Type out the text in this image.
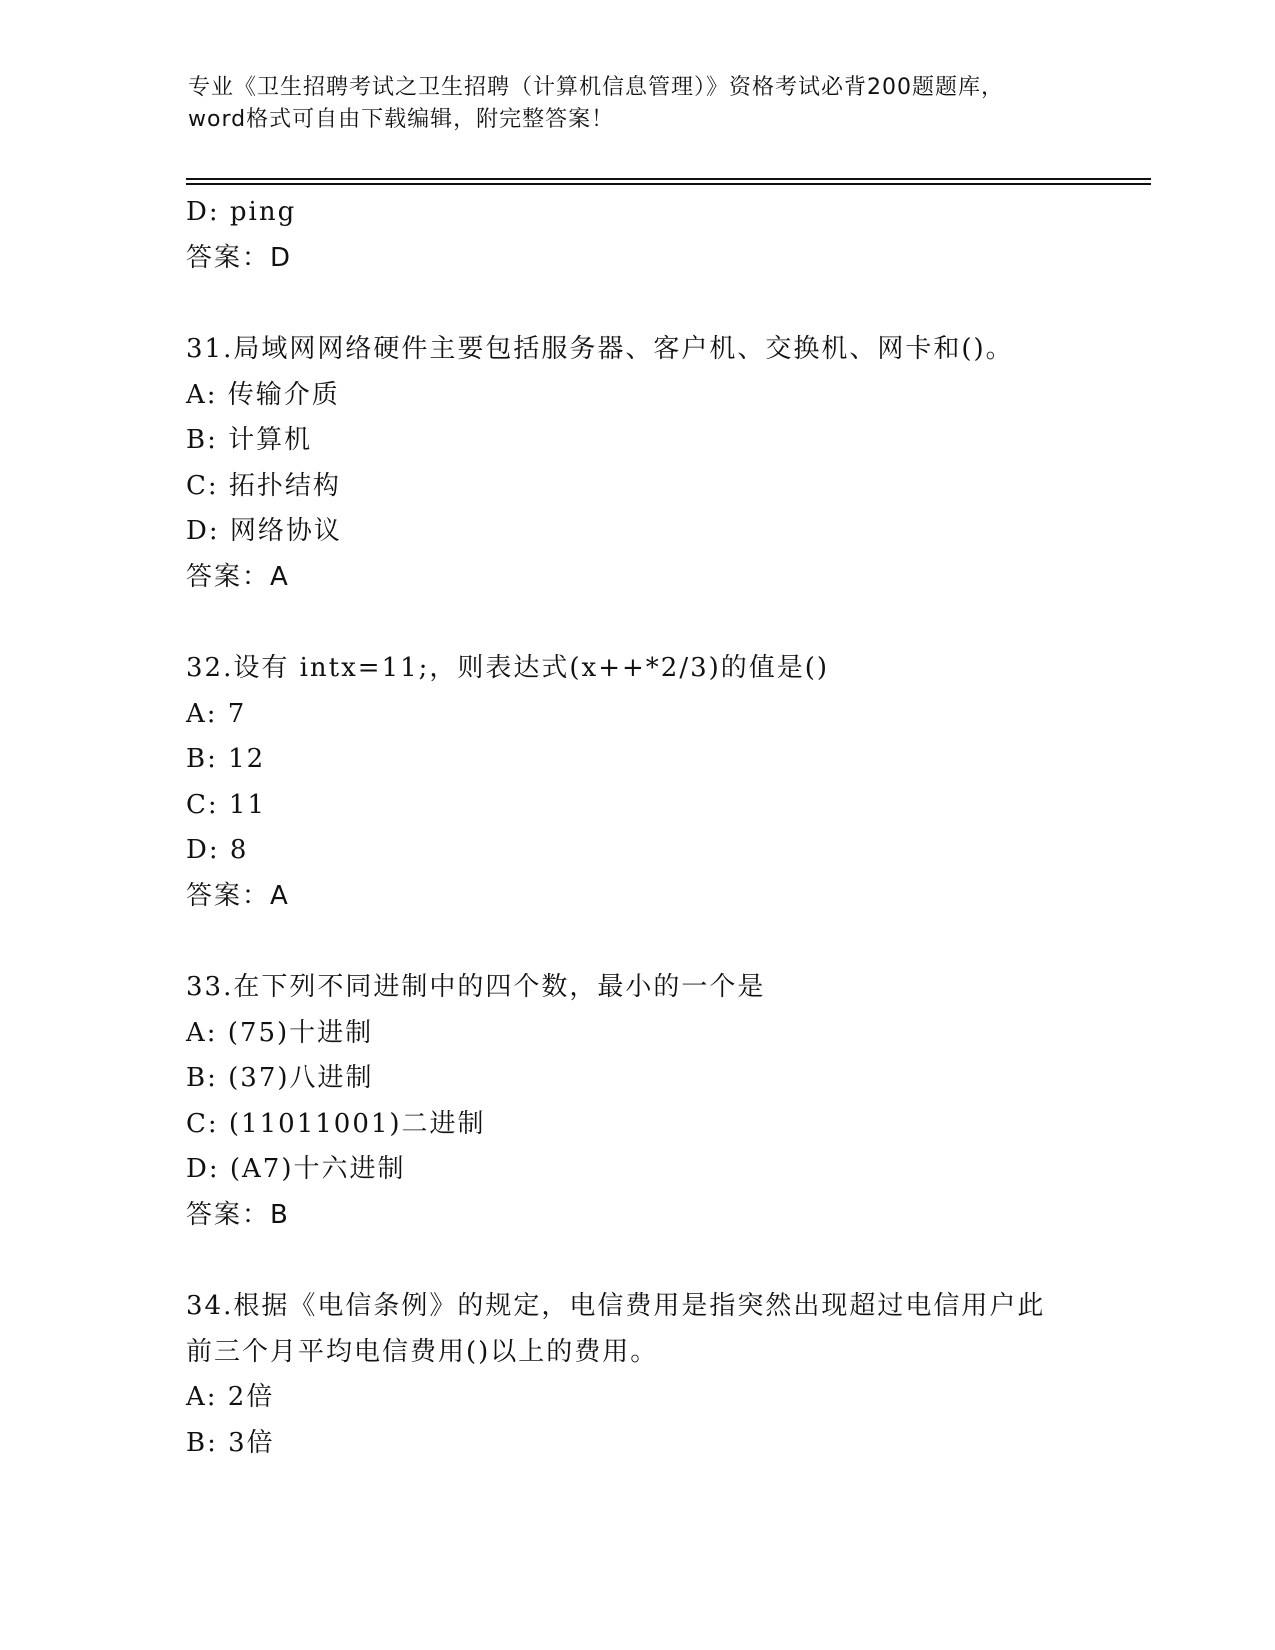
专业《卫生招聘考试之卫生招聘（计算机信息管理）》资格考试必背200题题库，
word格式可自由下载编辑，附完整答案！
D: ping
答案：D
31.局域网网络硬件主要包括服务器、客户机、交换机、网卡和()。
A: 传输介质
B: 计算机
C: 拓扑结构
D: 网络协议
答案：A
32.设有 intx=11;，则表达式(x++*2/3)的值是()
A: 7
B: 12
C: 11
D: 8
答案：A
33.在下列不同进制中的四个数，最小的一个是
A: (75)十进制
B: (37)八进制
C: (11011001)二进制
D: (A7)十六进制
答案：B
34.根据《电信条例》的规定，电信费用是指突然出现超过电信用户此
前三个月平均电信费用()以上的费用。
A: 2倍
B: 3倍
